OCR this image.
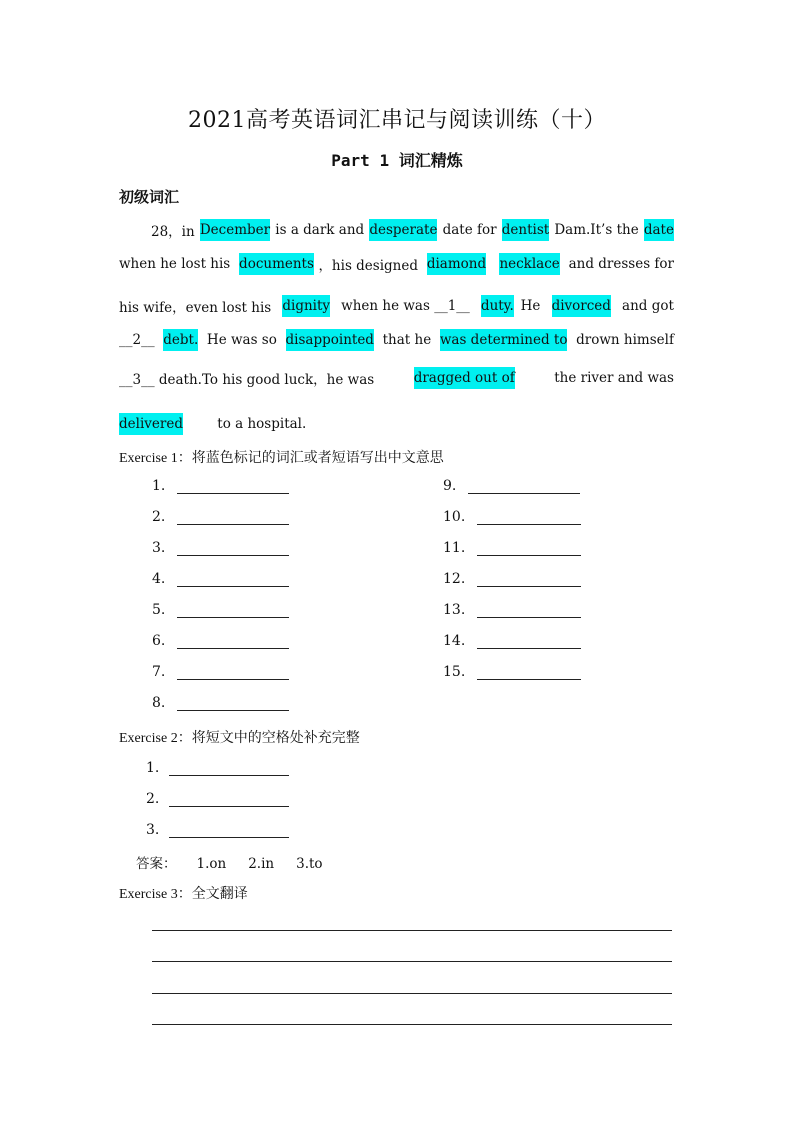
2021高考英语词汇串记与阅读训练（十）
Part 1 词汇精炼
初级词汇
28，in December is a dark and desperate date for dentist Dam.It’s the date
when he lost his documents ，his designed diamond
necklace and dresses for
his wife，even lost his dignity when he was __1__ duty. He divorced and got
__2__ debt. He was so disappointed that he was determined to drown himself
__3__ death.To his good luck，he was	dragged out of	the river and was
delivered to a hospital.
Exercise 1：将蓝色标记的词汇或者短语写出中文意思
1.
2.
3.
4.
5.
6.
7.
8.
9.
10.
11.
12.
13.
14.
15.
Exercise 2：将短文中的空格处补充完整
1.
2.
3.
答案： 1.on 2.in 3.to
Exercise 3：全文翻译
